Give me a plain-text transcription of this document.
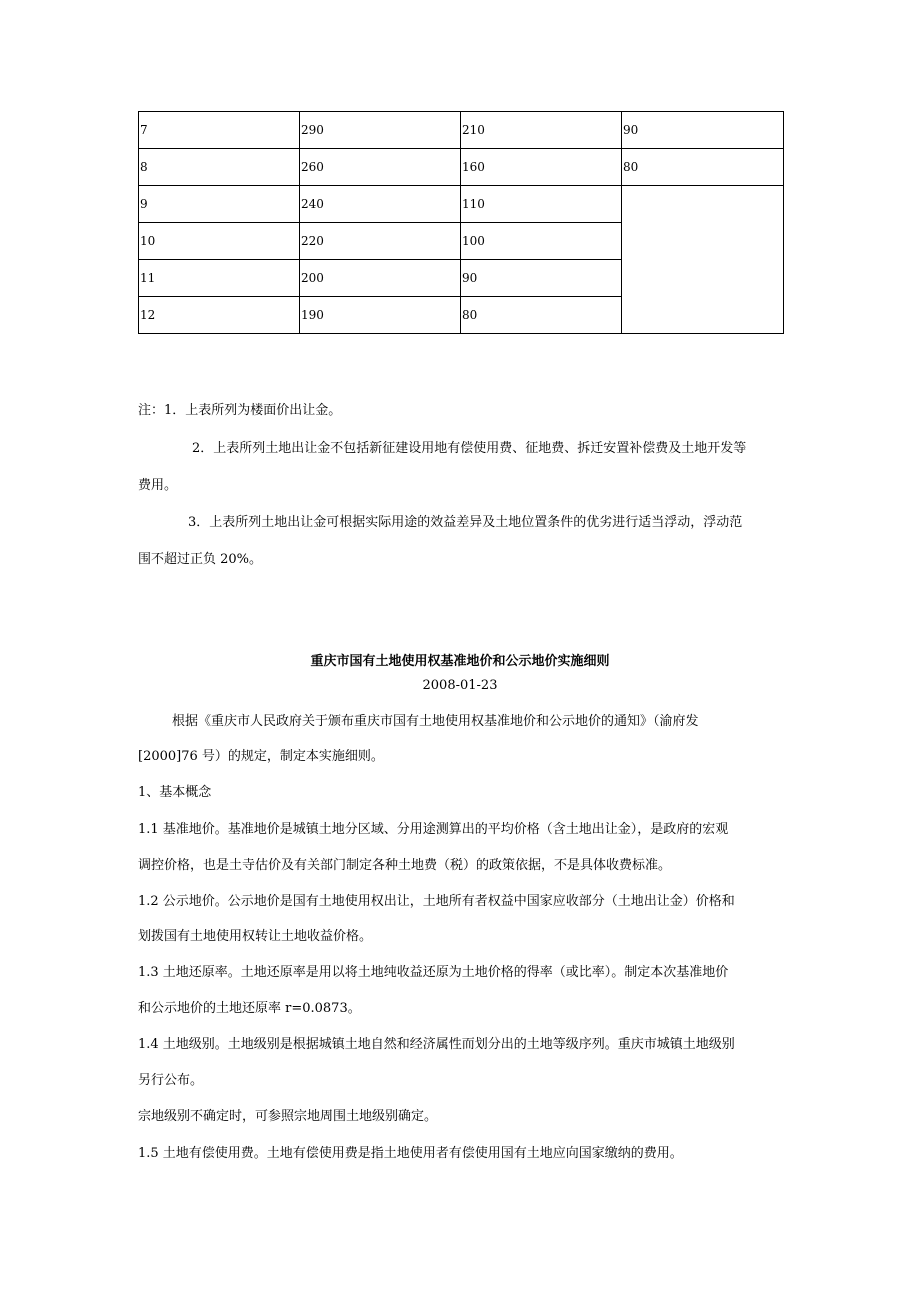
7	290	210	90
8	260	160	80
9	240	110	
10	220	100	
11	200	90	
12	190	80	
注：1．上表所列为楼面价出让金。
2．上表所列土地出让金不包括新征建设用地有偿使用费、征地费、拆迁安置补偿费及土地开发等
费用。
3．上表所列土地出让金可根据实际用途的效益差异及土地位置条件的优劣进行适当浮动，浮动范
围不超过正负 20%。
重庆市国有土地使用权基准地价和公示地价实施细则
2008-01-23
根据《重庆市人民政府关于颁布重庆市国有土地使用权基准地价和公示地价的通知》（渝府发
[2000]76 号）的规定，制定本实施细则。
1、基本概念
1.1 基准地价。基准地价是城镇土地分区域、分用途测算出的平均价格（含土地出让金），是政府的宏观
调控价格，也是土寺估价及有关部门制定各种土地费（税）的政策依据，不是具体收费标准。
1.2 公示地价。公示地价是国有土地使用权出让，土地所有者权益中国家应收部分（土地出让金）价格和
划拨国有土地使用权转让土地收益价格。
1.3 土地还原率。土地还原率是用以将土地纯收益还原为土地价格的得率（或比率）。制定本次基准地价
和公示地价的土地还原率 r=0.0873。
1.4 土地级别。土地级别是根据城镇土地自然和经济属性而划分出的土地等级序列。重庆市城镇土地级别
另行公布。
宗地级别不确定时，可参照宗地周围土地级别确定。
1.5 土地有偿使用费。土地有偿使用费是指土地使用者有偿使用国有土地应向国家缴纳的费用。
